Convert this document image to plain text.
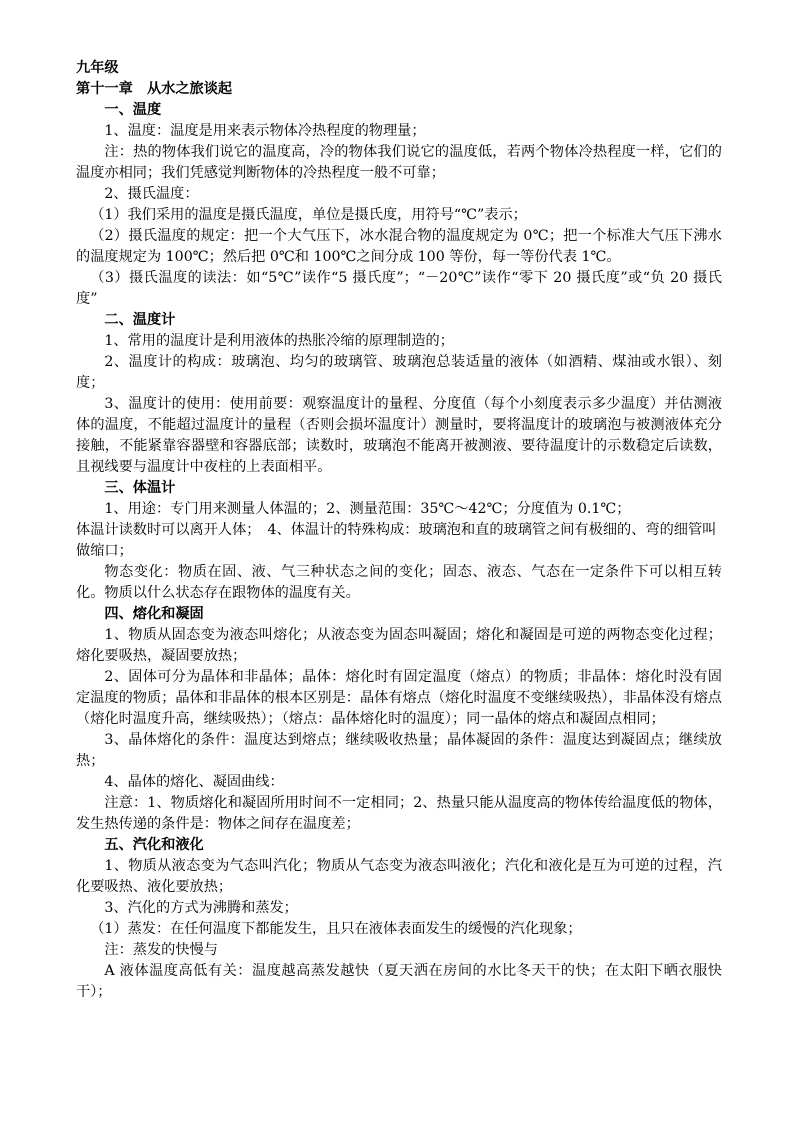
九年级

第十一章　从水之旅谈起

一、温度

1、温度：温度是用来表示物体冷热程度的物理量；

注：热的物体我们说它的温度高，冷的物体我们说它的温度低，若两个物体冷热程度一样，它们的温度亦相同；我们凭感觉判断物体的冷热程度一般不可靠；

2、摄氏温度：

（1）我们采用的温度是摄氏温度，单位是摄氏度，用符号“℃”表示；

（2）摄氏温度的规定：把一个大气压下，冰水混合物的温度规定为 0℃；把一个标准大气压下沸水的温度规定为 100℃；然后把 0℃和 100℃之间分成 100 等份，每一等份代表 1℃。

（3）摄氏温度的读法：如“5℃”读作“5 摄氏度”；“－20℃”读作“零下 20 摄氏度”或“负 20 摄氏度”

二、温度计

1、常用的温度计是利用液体的热胀冷缩的原理制造的；

2、温度计的构成：玻璃泡、均匀的玻璃管、玻璃泡总装适量的液体（如酒精、煤油或水银）、刻度；

3、温度计的使用：使用前要：观察温度计的量程、分度值（每个小刻度表示多少温度）并估测液体的温度，不能超过温度计的量程（否则会损坏温度计）测量时，要将温度计的玻璃泡与被测液体充分接触，不能紧靠容器壁和容器底部；读数时，玻璃泡不能离开被测液、要待温度计的示数稳定后读数，且视线要与温度计中夜柱的上表面相平。

三、体温计

1、用途：专门用来测量人体温的；2、测量范围：35℃～42℃；分度值为 0.1℃；

体温计读数时可以离开人体；　4、体温计的特殊构成：玻璃泡和直的玻璃管之间有极细的、弯的细管叫做缩口；

物态变化：物质在固、液、气三种状态之间的变化；固态、液态、气态在一定条件下可以相互转化。物质以什么状态存在跟物体的温度有关。

四、熔化和凝固

1、物质从固态变为液态叫熔化；从液态变为固态叫凝固；熔化和凝固是可逆的两物态变化过程；熔化要吸热，凝固要放热；

2、固体可分为晶体和非晶体；晶体：熔化时有固定温度（熔点）的物质；非晶体：熔化时没有固定温度的物质；晶体和非晶体的根本区别是：晶体有熔点（熔化时温度不变继续吸热），非晶体没有熔点（熔化时温度升高，继续吸热）；（熔点：晶体熔化时的温度）；同一晶体的熔点和凝固点相同；

3、晶体熔化的条件：温度达到熔点；继续吸收热量；晶体凝固的条件：温度达到凝固点；继续放热；

4、晶体的熔化、凝固曲线：

注意：1、物质熔化和凝固所用时间不一定相同；2、热量只能从温度高的物体传给温度低的物体，发生热传递的条件是：物体之间存在温度差；

五、汽化和液化

1、物质从液态变为气态叫汽化；物质从气态变为液态叫液化；汽化和液化是互为可逆的过程，汽化要吸热、液化要放热；

3、汽化的方式为沸腾和蒸发；

（1）蒸发：在任何温度下都能发生，且只在液体表面发生的缓慢的汽化现象；

注：蒸发的快慢与

A 液体温度高低有关：温度越高蒸发越快（夏天洒在房间的水比冬天干的快；在太阳下晒衣服快干）；
